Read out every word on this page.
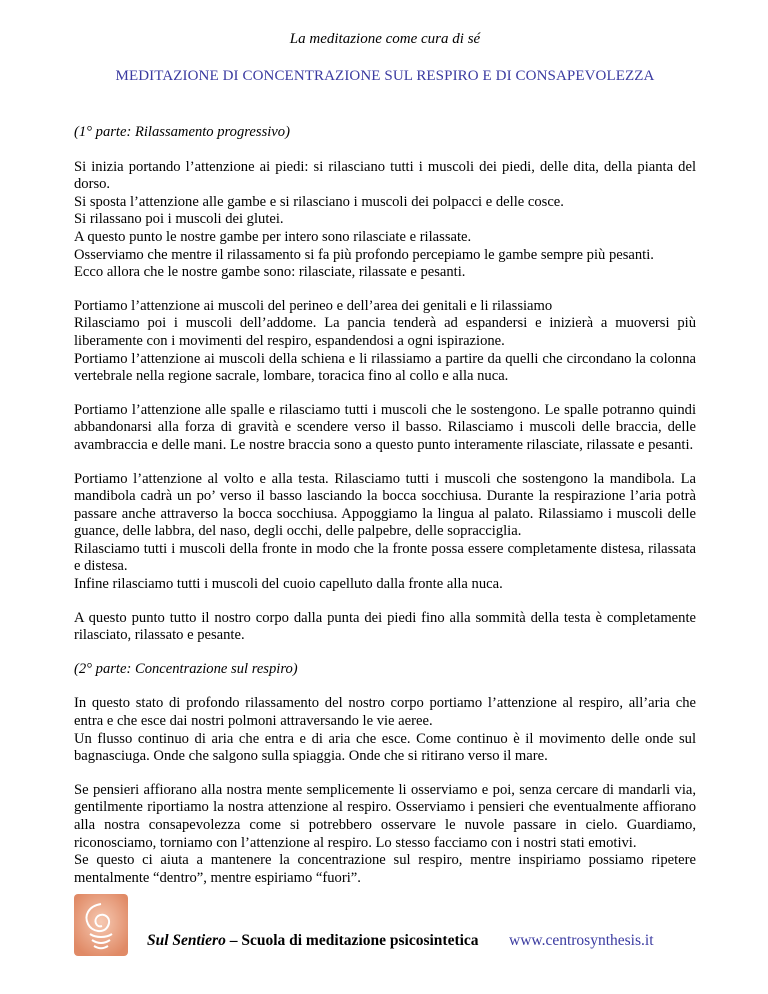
La meditazione come cura di sé
MEDITAZIONE DI CONCENTRAZIONE SUL RESPIRO E DI CONSAPEVOLEZZA
(1° parte: Rilassamento progressivo)
Si inizia portando l’attenzione ai piedi: si rilasciano tutti i muscoli dei piedi, delle dita, della pianta del dorso.
Si sposta l’attenzione alle gambe e si rilasciano i muscoli dei polpacci e delle cosce.
Si rilassano poi i muscoli dei glutei.
A questo punto le nostre gambe per intero sono rilasciate e rilassate.
Osserviamo che mentre il rilassamento si fa più profondo percepiamo le gambe sempre più pesanti.
Ecco allora che le nostre gambe sono: rilasciate, rilassate e pesanti.
Portiamo l’attenzione ai muscoli del perineo e dell’area dei genitali e li rilassiamo
Rilasciamo poi i muscoli dell’addome. La pancia tenderà ad espandersi e inizierà a muoversi più liberamente con i movimenti del respiro, espandendosi a ogni ispirazione.
Portiamo l’attenzione ai muscoli della schiena e li rilassiamo a partire da quelli che circondano la colonna vertebrale nella regione sacrale, lombare, toracica fino al collo e alla nuca.
Portiamo l’attenzione alle spalle e rilasciamo tutti i muscoli che le sostengono. Le spalle potranno quindi abbandonarsi alla forza di gravità e scendere verso il basso. Rilasciamo i muscoli delle braccia, delle avambraccia e delle mani. Le nostre braccia sono a questo punto interamente rilasciate, rilassate e pesanti.
Portiamo l’attenzione al volto e alla testa. Rilasciamo tutti i muscoli che sostengono la mandibola. La mandibola cadrà un po’ verso il basso lasciando la bocca socchiusa. Durante la respirazione l’aria potrà passare anche attraverso la bocca socchiusa. Appoggiamo la lingua al palato. Rilassiamo i muscoli delle guance, delle labbra, del naso, degli occhi, delle palpebre, delle sopracciglia.
Rilasciamo tutti i muscoli della fronte in modo che la fronte possa essere completamente distesa, rilassata e distesa.
Infine rilasciamo tutti i muscoli del cuoio capelluto dalla fronte alla nuca.
A questo punto tutto il nostro corpo dalla punta dei piedi fino alla sommità della testa è completamente rilasciato, rilassato e pesante.
(2° parte: Concentrazione sul respiro)
In questo stato di profondo rilassamento del nostro corpo portiamo l’attenzione al respiro, all’aria che entra e che esce dai nostri polmoni attraversando le vie aeree.
Un flusso continuo di aria che entra e di aria che esce. Come continuo è il movimento delle onde sul bagnasciuga. Onde che salgono sulla spiaggia. Onde che si ritirano verso il mare.
Se pensieri affiorano alla nostra mente semplicemente li osserviamo e poi, senza cercare di mandarli via, gentilmente riportiamo la nostra attenzione al respiro. Osserviamo i pensieri che eventualmente affiorano alla nostra consapevolezza come si potrebbero osservare le nuvole passare in cielo. Guardiamo, riconosciamo, torniamo con l’attenzione al respiro. Lo stesso facciamo con i nostri stati emotivi.
Se questo ci aiuta a mantenere la concentrazione sul respiro, mentre inspiriamo possiamo ripetere mentalmente “dentro”, mentre espiriamo “fuori”.
Sul Sentiero – Scuola di meditazione psicosintetica www.centrosynthesis.it
